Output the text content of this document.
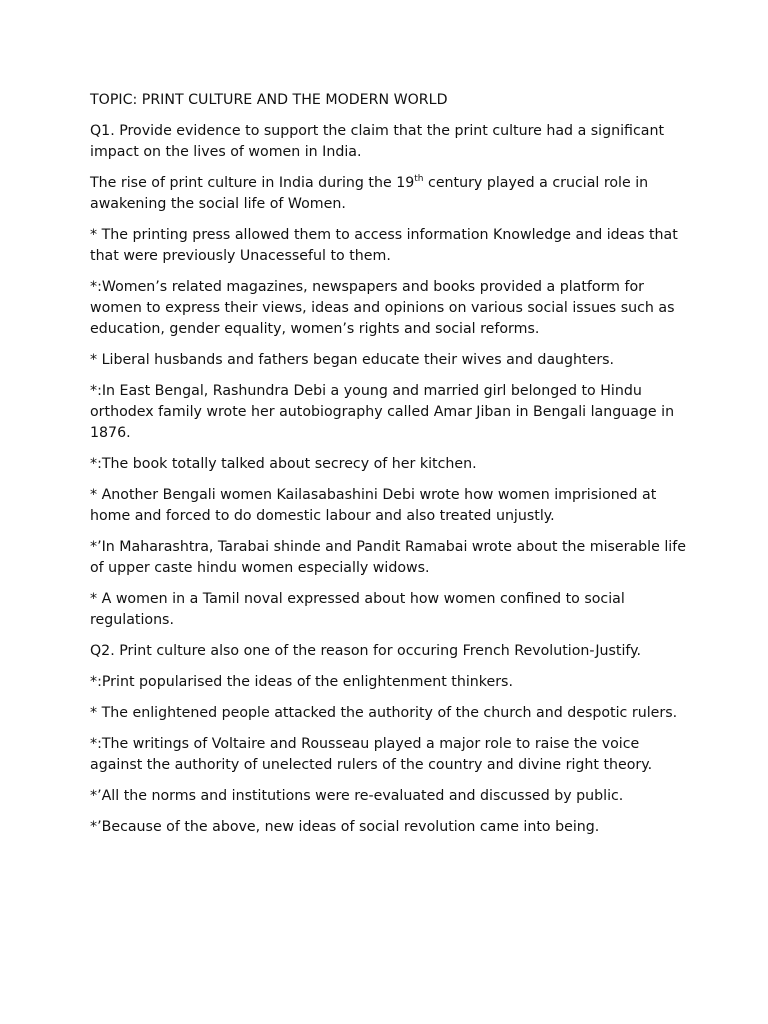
TOPIC: PRINT CULTURE AND THE MODERN WORLD

Q1. Provide evidence to support the claim that the print culture had a significant impact on the lives of women in India.

The rise of print culture in India during the 19th century played a crucial role in awakening the social life of Women.

* The printing press allowed them to access information Knowledge and ideas that that were previously Unacesseful to them.

*:Women’s related magazines, newspapers and books provided a platform for women to express their views, ideas and opinions on various social issues such as education, gender equality, women’s rights and social reforms.

* Liberal husbands and fathers began educate their wives and daughters.

*:In East Bengal, Rashundra Debi a young and married girl belonged to Hindu orthodex family wrote her autobiography called Amar Jiban in Bengali language in 1876.

*:The book totally talked about secrecy of her kitchen.

* Another Bengali women Kailasabashini Debi wrote how women imprisioned at home and forced to do domestic labour and also treated unjustly.

*’In Maharashtra, Tarabai shinde and Pandit Ramabai wrote about the miserable life of upper caste hindu women especially widows.

* A women in a Tamil noval expressed about how women confined to social regulations.

Q2. Print culture also one of the reason for occuring French Revolution-Justify.

*:Print popularised the ideas of the enlightenment thinkers.

* The enlightened people attacked the authority of the church and despotic rulers.

*:The writings of Voltaire and Rousseau played a major role to raise the voice against the authority of unelected rulers of the country and divine right theory.

*’All the norms and institutions were re-evaluated and discussed by public.

*’Because of the above, new ideas of social revolution came into being.
